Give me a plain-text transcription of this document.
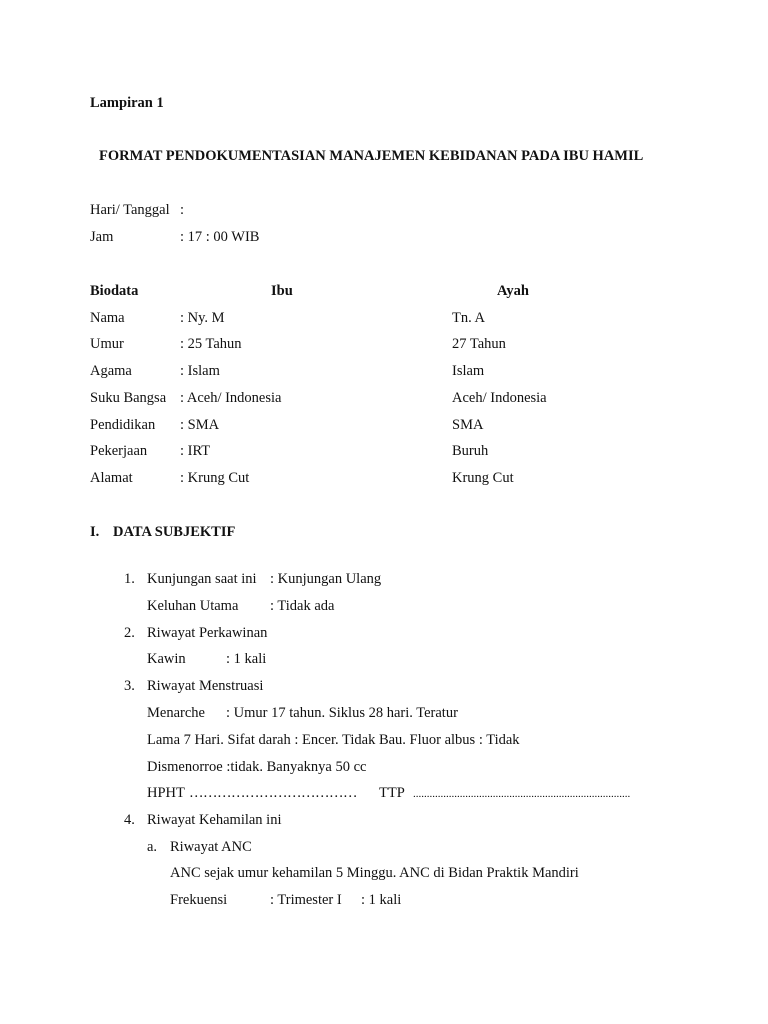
Lampiran 1
FORMAT PENDOKUMENTASIAN MANAJEMEN KEBIDANAN PADA IBU HAMIL
Hari/ Tanggal :
Jam	: 17 : 00 WIB
Biodata	Ibu	Ayah
Nama	: Ny. M	Tn. A
Umur	: 25 Tahun	27 Tahun
Agama	: Islam	Islam
Suku Bangsa : Aceh/ Indonesia	Aceh/ Indonesia
Pendidikan : SMA	SMA
Pekerjaan : IRT	Buruh
Alamat	: Krung Cut	Krung Cut
I. DATA SUBJEKTIF
1. Kunjungan saat ini : Kunjungan Ulang
Keluhan Utama : Tidak ada
2. Riwayat Perkawinan
Kawin	: 1 kali
3. Riwayat Menstruasi
Menarche : Umur 17 tahun. Siklus 28 hari. Teratur
Lama 7 Hari. Sifat darah : Encer. Tidak Bau. Fluor albus : Tidak
Dismenorroe :tidak. Banyaknya 50 cc
HPHT ……………………………… TTP ...............................................................................
4. Riwayat Kehamilan ini
a. Riwayat ANC
ANC sejak umur kehamilan 5 Minggu. ANC di Bidan Praktik Mandiri
Frekuensi	: Trimester I : 1 kali
